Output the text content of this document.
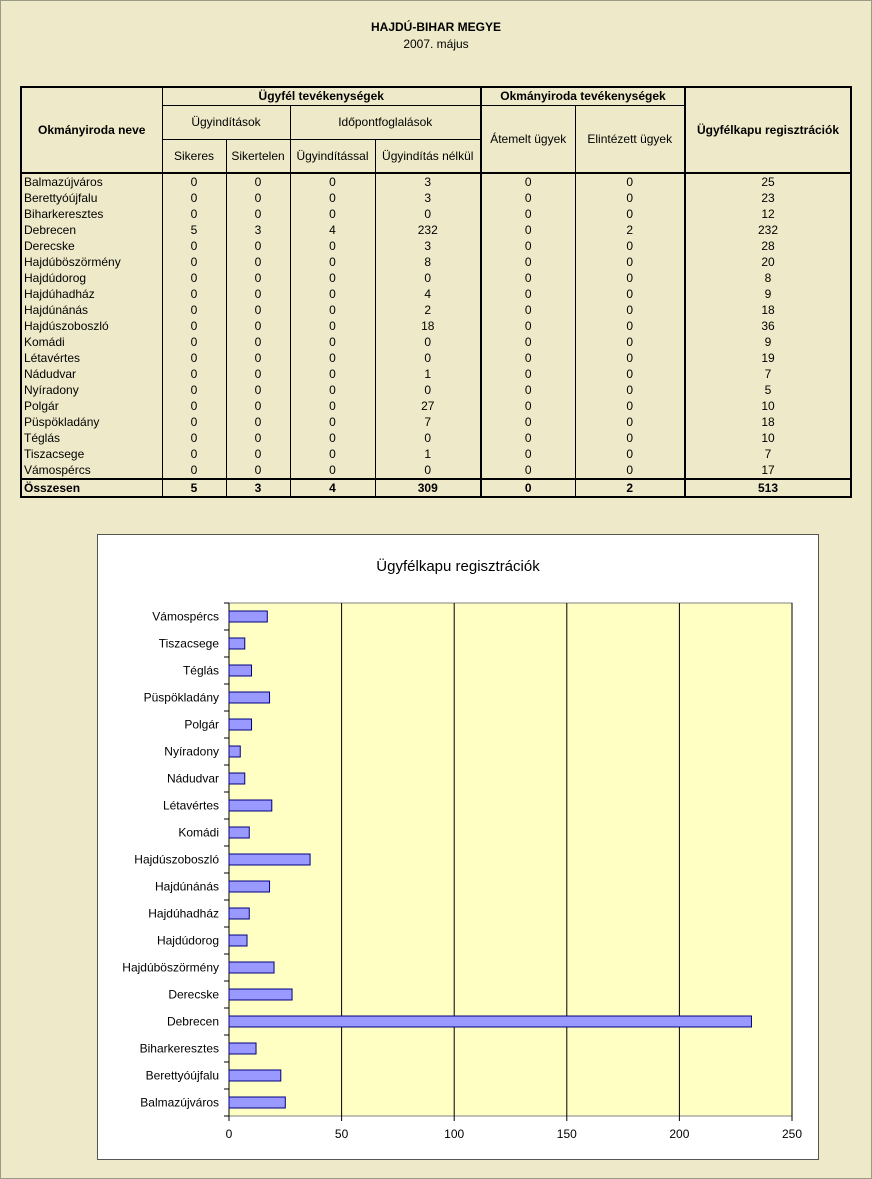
HAJDÚ-BIHAR MEGYE
2007. május
Okmányiroda neve	Ügyfél tevékenységek				Okmányiroda tevékenységek		Ügyfélkapu regisztrációk
	Ügyindítások		Időpontfoglalások		Átemelt ügyek	Elintézett ügyek	
	Sikeres	Sikertelen	Ügyindítással	Ügyindítás nélkül			
Balmazújváros	0	0	0	3	0	0	25
Berettyóújfalu	0	0	0	3	0	0	23
Biharkeresztes	0	0	0	0	0	0	12
Debrecen	5	3	4	232	0	2	232
Derecske	0	0	0	3	0	0	28
Hajdúböszörmény	0	0	0	8	0	0	20
Hajdúdorog	0	0	0	0	0	0	8
Hajdúhadház	0	0	0	4	0	0	9
Hajdúnánás	0	0	0	2	0	0	18
Hajdúszoboszló	0	0	0	18	0	0	36
Komádi	0	0	0	0	0	0	9
Létavértes	0	0	0	0	0	0	19
Nádudvar	0	0	0	1	0	0	7
Nyíradony	0	0	0	0	0	0	5
Polgár	0	0	0	27	0	0	10
Püspökladány	0	0	0	7	0	0	18
Téglás	0	0	0	0	0	0	10
Tiszacsege	0	0	0	1	0	0	7
Vámospércs	0	0	0	0	0	0	17
Összesen	5	3	4	309	0	2	513
Ügyfélkapu regisztrációk
0	50	100	150	200	250
Balmazújváros
Berettyóújfalu
Biharkeresztes
Debrecen
Derecske
Hajdúböszörmény
Hajdúdorog
Hajdúhadház
Hajdúnánás
Hajdúszoboszló
Komádi
Létavértes
Nádudvar
Nyíradony
Polgár
Püspökladány
Téglás
Tiszacsege
Vámospércs
